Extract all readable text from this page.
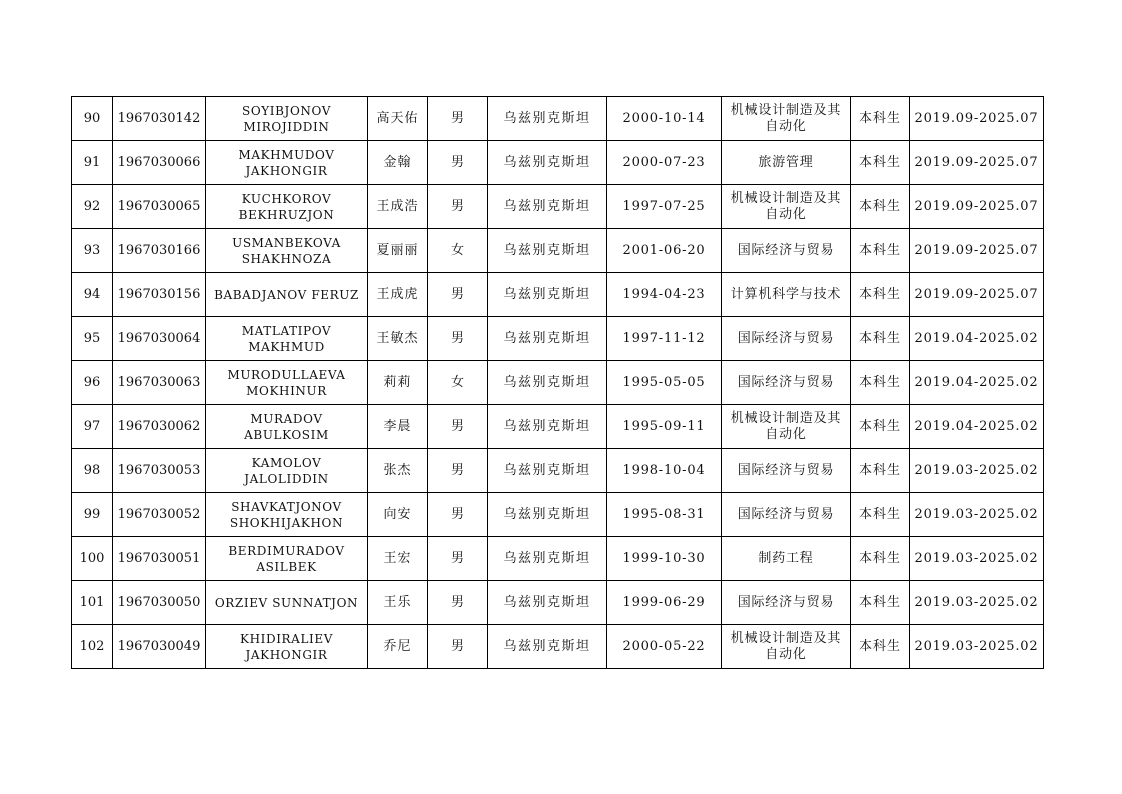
90	1967030142	SOYIBJONOV MIROJIDDIN	高天佑	男	乌兹别克斯坦	2000-10-14	机械设计制造及其自动化	本科生	2019.09-2025.07
91	1967030066	MAKHMUDOV JAKHONGIR	金翰	男	乌兹别克斯坦	2000-07-23	旅游管理	本科生	2019.09-2025.07
92	1967030065	KUCHKOROV BEKHRUZJON	王成浩	男	乌兹别克斯坦	1997-07-25	机械设计制造及其自动化	本科生	2019.09-2025.07
93	1967030166	USMANBEKOVA SHAKHNOZA	夏丽丽	女	乌兹别克斯坦	2001-06-20	国际经济与贸易	本科生	2019.09-2025.07
94	1967030156	BABADJANOV FERUZ	王成虎	男	乌兹别克斯坦	1994-04-23	计算机科学与技术	本科生	2019.09-2025.07
95	1967030064	MATLATIPOV MAKHMUD	王敏杰	男	乌兹别克斯坦	1997-11-12	国际经济与贸易	本科生	2019.04-2025.02
96	1967030063	MURODULLAEVA MOKHINUR	莉莉	女	乌兹别克斯坦	1995-05-05	国际经济与贸易	本科生	2019.04-2025.02
97	1967030062	MURADOV ABULKOSIM	李晨	男	乌兹别克斯坦	1995-09-11	机械设计制造及其自动化	本科生	2019.04-2025.02
98	1967030053	KAMOLOV JALOLIDDIN	张杰	男	乌兹别克斯坦	1998-10-04	国际经济与贸易	本科生	2019.03-2025.02
99	1967030052	SHAVKATJONOV SHOKHIJAKHON	向安	男	乌兹别克斯坦	1995-08-31	国际经济与贸易	本科生	2019.03-2025.02
100	1967030051	BERDIMURADOV ASILBEK	王宏	男	乌兹别克斯坦	1999-10-30	制药工程	本科生	2019.03-2025.02
101	1967030050	ORZIEV SUNNATJON	王乐	男	乌兹别克斯坦	1999-06-29	国际经济与贸易	本科生	2019.03-2025.02
102	1967030049	KHIDIRALIEV JAKHONGIR	乔尼	男	乌兹别克斯坦	2000-05-22	机械设计制造及其自动化	本科生	2019.03-2025.02
